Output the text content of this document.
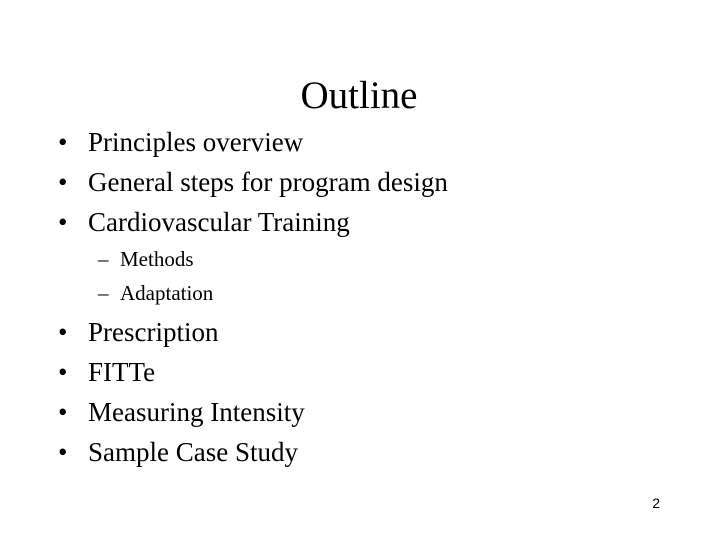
Outline
• Principles overview
• General steps for program design
• Cardiovascular Training
– Methods
– Adaptation
• Prescription
• FITTe
• Measuring Intensity
• Sample Case Study
2
